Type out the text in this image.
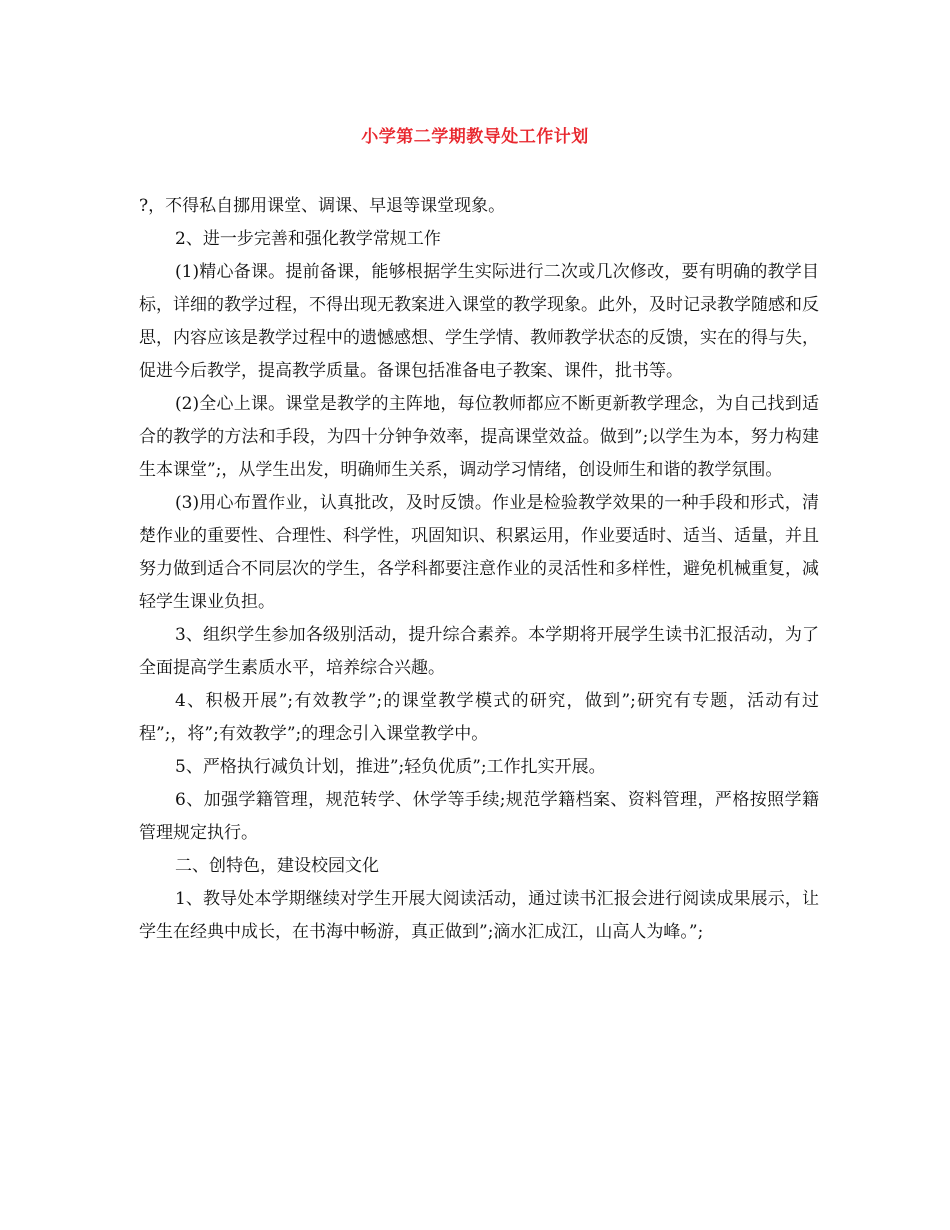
小学第二学期教导处工作计划

?，不得私自挪用课堂、调课、早退等课堂现象。

2、进一步完善和强化教学常规工作

(1)精心备课。提前备课，能够根据学生实际进行二次或几次修改，要有明确的教学目标，详细的教学过程，不得出现无教案进入课堂的教学现象。此外，及时记录教学随感和反思，内容应该是教学过程中的遗憾感想、学生学情、教师教学状态的反馈，实在的得与失，促进今后教学，提高教学质量。备课包括准备电子教案、课件，批书等。

(2)全心上课。课堂是教学的主阵地，每位教师都应不断更新教学理念，为自己找到适合的教学的方法和手段，为四十分钟争效率，提高课堂效益。做到”;以学生为本，努力构建生本课堂”;，从学生出发，明确师生关系，调动学习情绪，创设师生和谐的教学氛围。

(3)用心布置作业，认真批改，及时反馈。作业是检验教学效果的一种手段和形式，清楚作业的重要性、合理性、科学性，巩固知识、积累运用，作业要适时、适当、适量，并且努力做到适合不同层次的学生，各学科都要注意作业的灵活性和多样性，避免机械重复，减轻学生课业负担。

3、组织学生参加各级别活动，提升综合素养。本学期将开展学生读书汇报活动，为了全面提高学生素质水平，培养综合兴趣。

4、积极开展”;有效教学”;的课堂教学模式的研究，做到”;研究有专题，活动有过程”;，将”;有效教学”;的理念引入课堂教学中。

5、严格执行减负计划，推进”;轻负优质”;工作扎实开展。

6、加强学籍管理，规范转学、休学等手续;规范学籍档案、资料管理，严格按照学籍管理规定执行。

二、创特色，建设校园文化

1、教导处本学期继续对学生开展大阅读活动，通过读书汇报会进行阅读成果展示，让学生在经典中成长，在书海中畅游，真正做到”;滴水汇成江，山高人为峰。”;
